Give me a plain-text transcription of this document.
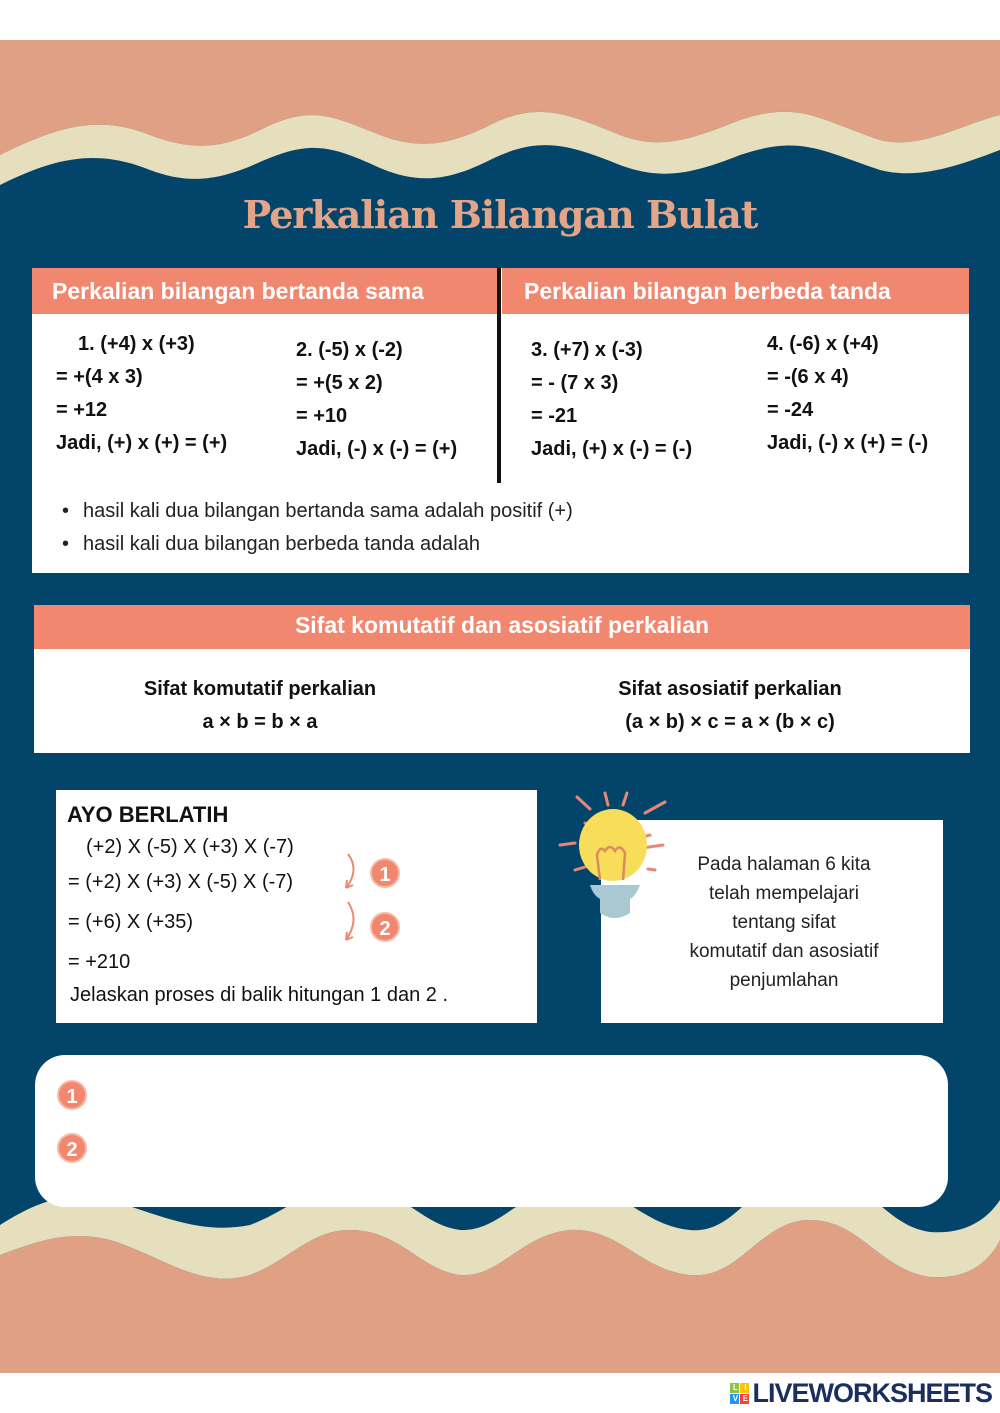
Perkalian Bilangan Bulat
Perkalian bilangan bertanda sama	Perkalian bilangan berbeda tanda
1. (+4) x (+3)
= +(4 x 3)
= +12
Jadi, (+) x (+) = (+)
2. (-5) x (-2)
= +(5 x 2)
= +10
Jadi, (-) x (-) = (+)
3. (+7) x (-3)
= - (7 x 3)
= -21
Jadi, (+) x (-) = (-)
4. (-6) x (+4)
= -(6 x 4)
= -24
Jadi, (-) x (+) = (-)
• hasil kali dua bilangan bertanda sama adalah positif (+)
• hasil kali dua bilangan berbeda tanda adalah
Sifat komutatif dan asosiatif perkalian
Sifat komutatif perkalian
a × b = b × a
Sifat asosiatif perkalian
(a × b) × c = a × (b × c)
AYO BERLATIH
(+2) X (-5) X (+3) X (-7)
= (+2) X (+3) X (-5) X (-7)
= (+6) X (+35)
= +210
Jelaskan proses di balik hitungan 1 dan 2 .
1
2
Pada halaman 6 kita
telah mempelajari
tentang sifat
komutatif dan asosiatif
penjumlahan
1
2
L I
V E LIVEWORKSHEETS
